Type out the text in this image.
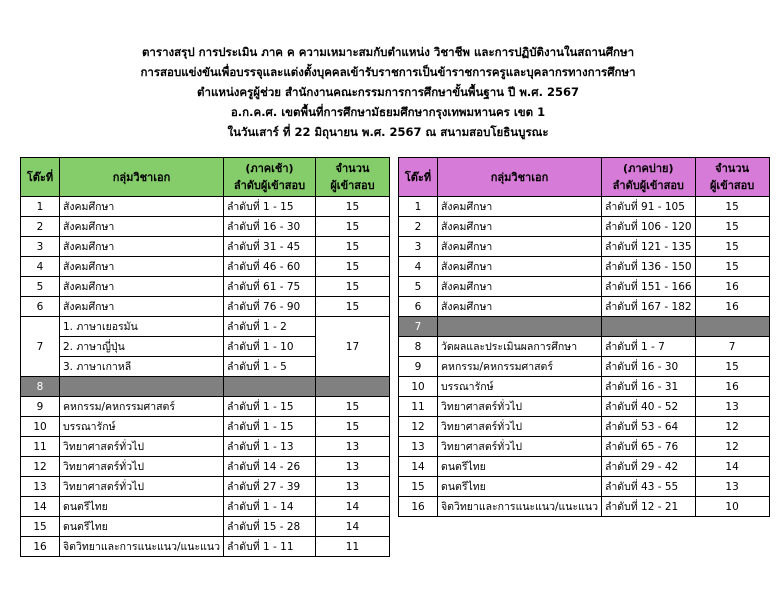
ตารางสรุป การประเมิน ภาค ค ความเหมาะสมกับตำแหน่ง วิชาชีพ และการปฏิบัติงานในสถานศึกษา
การสอบแข่งขันเพื่อบรรจุและแต่งตั้งบุคคลเข้ารับราชการเป็นข้าราชการครูและบุคลากรทางการศึกษา
ตำแหน่งครูผู้ช่วย สำนักงานคณะกรรมการการศึกษาขั้นพื้นฐาน ปี พ.ศ. 2567
อ.ก.ค.ศ. เขตพื้นที่การศึกษามัธยมศึกษากรุงเทพมหานคร เขต 1
ในวันเสาร์ ที่ 22 มิถุนายน พ.ศ. 2567 ณ สนามสอบโยธินบูรณะ
โต๊ะที่	กลุ่มวิชาเอก	(ภาคเช้า)
ลำดับผู้เข้าสอบ	จำนวน
ผู้เข้าสอบ
1	สังคมศึกษา	ลำดับที่ 1 - 15	15
2	สังคมศึกษา	ลำดับที่ 16 - 30	15
3	สังคมศึกษา	ลำดับที่ 31 - 45	15
4	สังคมศึกษา	ลำดับที่ 46 - 60	15
5	สังคมศึกษา	ลำดับที่ 61 - 75	15
6	สังคมศึกษา	ลำดับที่ 76 - 90	15
7	1. ภาษาเยอรมัน	ลำดับที่ 1 - 2	17
	2. ภาษาญี่ปุ่น	ลำดับที่ 1 - 10	
	3. ภาษาเกาหลี	ลำดับที่ 1 - 5	
8			
9	คหกรรม/คหกรรมศาสตร์	ลำดับที่ 1 - 15	15
10	บรรณารักษ์	ลำดับที่ 1 - 15	15
11	วิทยาศาสตร์ทั่วไป	ลำดับที่ 1 - 13	13
12	วิทยาศาสตร์ทั่วไป	ลำดับที่ 14 - 26	13
13	วิทยาศาสตร์ทั่วไป	ลำดับที่ 27 - 39	13
14	ดนตรีไทย	ลำดับที่ 1 - 14	14
15	ดนตรีไทย	ลำดับที่ 15 - 28	14
16	จิตวิทยาและการแนะแนว/แนะแนว	ลำดับที่ 1 - 11	11
โต๊ะที่	กลุ่มวิชาเอก	(ภาคบ่าย)
ลำดับผู้เข้าสอบ	จำนวน
ผู้เข้าสอบ
1	สังคมศึกษา	ลำดับที่ 91 - 105	15
2	สังคมศึกษา	ลำดับที่ 106 - 120	15
3	สังคมศึกษา	ลำดับที่ 121 - 135	15
4	สังคมศึกษา	ลำดับที่ 136 - 150	15
5	สังคมศึกษา	ลำดับที่ 151 - 166	16
6	สังคมศึกษา	ลำดับที่ 167 - 182	16
7			
8	วัดผลและประเมินผลการศึกษา	ลำดับที่ 1 - 7	7
9	คหกรรม/คหกรรมศาสตร์	ลำดับที่ 16 - 30	15
10	บรรณารักษ์	ลำดับที่ 16 - 31	16
11	วิทยาศาสตร์ทั่วไป	ลำดับที่ 40 - 52	13
12	วิทยาศาสตร์ทั่วไป	ลำดับที่ 53 - 64	12
13	วิทยาศาสตร์ทั่วไป	ลำดับที่ 65 - 76	12
14	ดนตรีไทย	ลำดับที่ 29 - 42	14
15	ดนตรีไทย	ลำดับที่ 43 - 55	13
16	จิตวิทยาและการแนะแนว/แนะแนว	ลำดับที่ 12 - 21	10
